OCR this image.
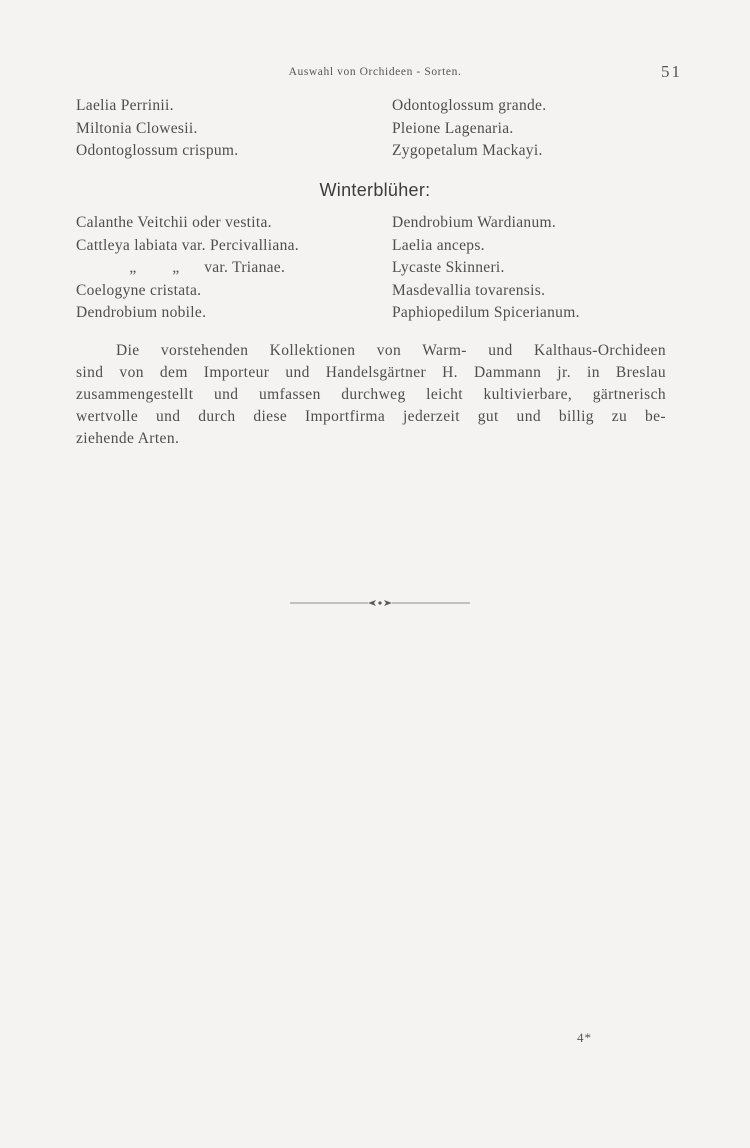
Auswahl von Orchideen - Sorten.	51
Laelia Perrinii.
Miltonia Clowesii.
Odontoglossum crispum.
Odontoglossum grande.
Pleione Lagenaria.
Zygopetalum Mackayi.
Winterblüher:
Calanthe Veitchii oder vestita.
Cattleya labiata var. Percivalliana.
„ „ var. Trianae.
Coelogyne cristata.
Dendrobium nobile.
Dendrobium Wardianum.
Laelia anceps.
Lycaste Skinneri.
Masdevallia tovarensis.
Paphiopedilum Spicerianum.
Die vorstehenden Kollektionen von Warm- und Kalthaus-Orchideen
sind von dem Importeur und Handelsgärtner H. Dammann jr. in Breslau
zusammengestellt und umfassen durchweg leicht kultivierbare, gärtnerisch
wertvolle und durch diese Importfirma jederzeit gut und billig zu be-
ziehende Arten.
4*
